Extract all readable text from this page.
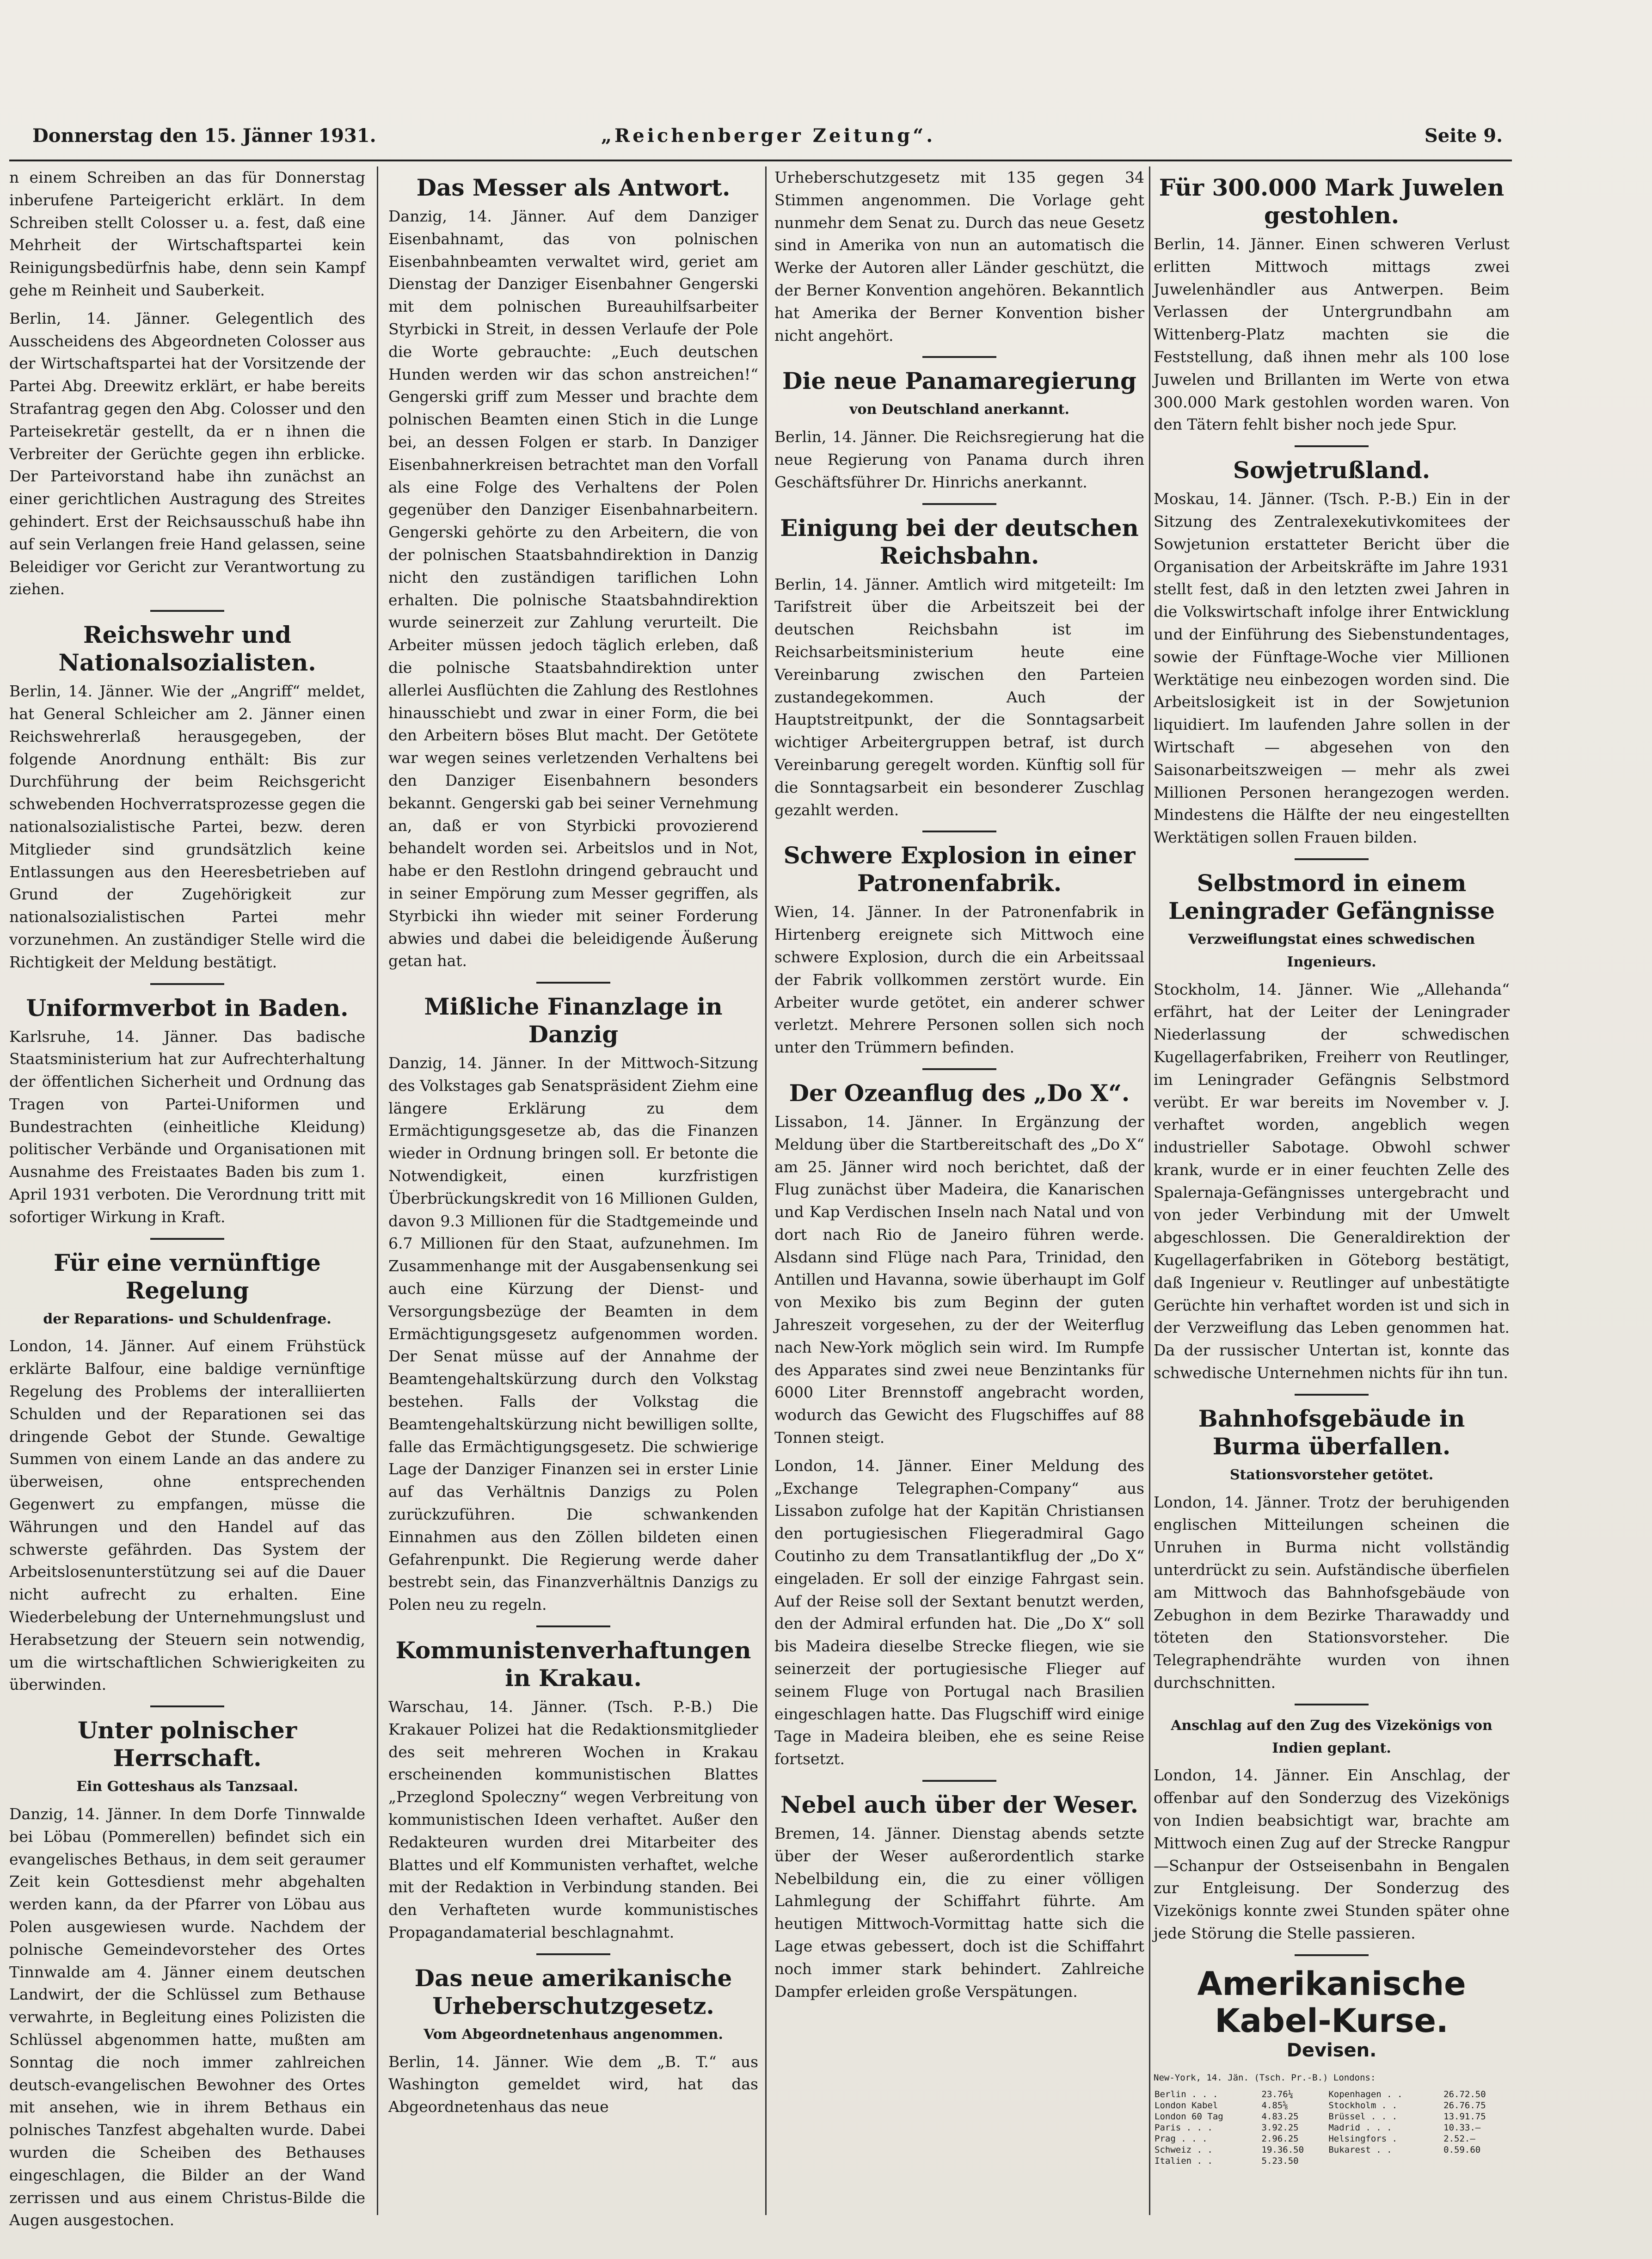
Donnerstag den 15. Jänner 1931.	„Reichenberger Zeitung“.	Seite 9.

n einem Schreiben an das für Donnerstag inberufene Parteigericht erklärt. In dem Schreiben stellt Colosser u. a. fest, daß eine Mehrheit der Wirtschaftspartei kein Reinigungsbedürfnis habe, denn sein Kampf gehe m Reinheit und Sauberkeit.

Berlin, 14. Jänner. Gelegentlich des Ausscheidens des Abgeordneten Colosser aus der Wirtschaftspartei hat der Vorsitzende der Partei Abg. Dreewitz erklärt, er habe bereits Strafantrag gegen den Abg. Colosser und den Parteisekretär gestellt, da er n ihnen die Verbreiter der Gerüchte gegen ihn erblicke. Der Parteivorstand habe ihn zunächst an einer gerichtlichen Austragung des Streites gehindert. Erst der Reichsausschuß habe ihn auf sein Verlangen freie Hand gelassen, seine Beleidiger vor Gericht zur Verantwortung zu ziehen.

Reichswehr und Nationalsozialisten.

Berlin, 14. Jänner. Wie der „Angriff“ meldet, hat General Schleicher am 2. Jänner einen Reichswehrerlaß herausgegeben, der folgende Anordnung enthält: Bis zur Durchführung der beim Reichsgericht schwebenden Hochverratsprozesse gegen die nationalsozialistische Partei, bezw. deren Mitglieder sind grundsätzlich keine Entlassungen aus den Heeresbetrieben auf Grund der Zugehörigkeit zur nationalsozialistischen Partei mehr vorzunehmen. An zuständiger Stelle wird die Richtigkeit der Meldung bestätigt.

Uniformverbot in Baden.

Karlsruhe, 14. Jänner. Das badische Staatsministerium hat zur Aufrechterhaltung der öffentlichen Sicherheit und Ordnung das Tragen von Partei-Uniformen und Bundestrachten (einheitliche Kleidung) politischer Verbände und Organisationen mit Ausnahme des Freistaates Baden bis zum 1. April 1931 verboten. Die Verordnung tritt mit sofortiger Wirkung in Kraft.

Für eine vernünftige Regelung
der Reparations- und Schuldenfrage.

London, 14. Jänner. Auf einem Frühstück erklärte Balfour, eine baldige vernünftige Regelung des Problems der interalliierten Schulden und der Reparationen sei das dringende Gebot der Stunde. Gewaltige Summen von einem Lande an das andere zu überweisen, ohne entsprechenden Gegenwert zu empfangen, müsse die Währungen und den Handel auf das schwerste gefährden. Das System der Arbeitslosenunterstützung sei auf die Dauer nicht aufrecht zu erhalten. Eine Wiederbelebung der Unternehmungslust und Herabsetzung der Steuern sein notwendig, um die wirtschaftlichen Schwierigkeiten zu überwinden.

Unter polnischer Herrschaft.
Ein Gotteshaus als Tanzsaal.

Danzig, 14. Jänner. In dem Dorfe Tinnwalde bei Löbau (Pommerellen) befindet sich ein evangelisches Bethaus, in dem seit geraumer Zeit kein Gottesdienst mehr abgehalten werden kann, da der Pfarrer von Löbau aus Polen ausgewiesen wurde. Nachdem der polnische Gemeindevorsteher des Ortes Tinnwalde am 4. Jänner einem deutschen Landwirt, der die Schlüssel zum Bethause verwahrte, in Begleitung eines Polizisten die Schlüssel abgenommen hatte, mußten am Sonntag die noch immer zahlreichen deutsch-evangelischen Bewohner des Ortes mit ansehen, wie in ihrem Bethaus ein polnisches Tanzfest abgehalten wurde. Dabei wurden die Scheiben des Bethauses eingeschlagen, die Bilder an der Wand zerrissen und aus einem Christus-Bilde die Augen ausgestochen.

Das Messer als Antwort.

Danzig, 14. Jänner. Auf dem Danziger Eisenbahnamt, das von polnischen Eisenbahnbeamten verwaltet wird, geriet am Dienstag der Danziger Eisenbahner Gengerski mit dem polnischen Bureauhilfsarbeiter Styrbicki in Streit, in dessen Verlaufe der Pole die Worte gebrauchte: „Euch deutschen Hunden werden wir das schon anstreichen!“ Gengerski griff zum Messer und brachte dem polnischen Beamten einen Stich in die Lunge bei, an dessen Folgen er starb. In Danziger Eisenbahnerkreisen betrachtet man den Vorfall als eine Folge des Verhaltens der Polen gegenüber den Danziger Eisenbahnarbeitern. Gengerski gehörte zu den Arbeitern, die von der polnischen Staatsbahndirektion in Danzig nicht den zuständigen tariflichen Lohn erhalten. Die polnische Staatsbahndirektion wurde seinerzeit zur Zahlung verurteilt. Die Arbeiter müssen jedoch täglich erleben, daß die polnische Staatsbahndirektion unter allerlei Ausflüchten die Zahlung des Restlohnes hinausschiebt und zwar in einer Form, die bei den Arbeitern böses Blut macht. Der Getötete war wegen seines verletzenden Verhaltens bei den Danziger Eisenbahnern besonders bekannt. Gengerski gab bei seiner Vernehmung an, daß er von Styrbicki provozierend behandelt worden sei. Arbeitslos und in Not, habe er den Restlohn dringend gebraucht und in seiner Empörung zum Messer gegriffen, als Styrbicki ihn wieder mit seiner Forderung abwies und dabei die beleidigende Äußerung getan hat.

Mißliche Finanzlage in Danzig

Danzig, 14. Jänner. In der Mittwoch-Sitzung des Volkstages gab Senatspräsident Ziehm eine längere Erklärung zu dem Ermächtigungsgesetze ab, das die Finanzen wieder in Ordnung bringen soll. Er betonte die Notwendigkeit, einen kurzfristigen Überbrückungskredit von 16 Millionen Gulden, davon 9.3 Millionen für die Stadtgemeinde und 6.7 Millionen für den Staat, aufzunehmen. Im Zusammenhange mit der Ausgabensenkung sei auch eine Kürzung der Dienst- und Versorgungsbezüge der Beamten in dem Ermächtigungsgesetz aufgenommen worden. Der Senat müsse auf der Annahme der Beamtengehaltskürzung durch den Volkstag bestehen. Falls der Volkstag die Beamtengehaltskürzung nicht bewilligen sollte, falle das Ermächtigungsgesetz. Die schwierige Lage der Danziger Finanzen sei in erster Linie auf das Verhältnis Danzigs zu Polen zurückzuführen. Die schwankenden Einnahmen aus den Zöllen bildeten einen Gefahrenpunkt. Die Regierung werde daher bestrebt sein, das Finanzverhältnis Danzigs zu Polen neu zu regeln.

Kommunistenverhaftungen in Krakau.

Warschau, 14. Jänner. (Tsch. P.-B.) Die Krakauer Polizei hat die Redaktionsmitglieder des seit mehreren Wochen in Krakau erscheinenden kommunistischen Blattes „Przeglond Spoleczny“ wegen Verbreitung von kommunistischen Ideen verhaftet. Außer den Redakteuren wurden drei Mitarbeiter des Blattes und elf Kommunisten verhaftet, welche mit der Redaktion in Verbindung standen. Bei den Verhafteten wurde kommunistisches Propagandamaterial beschlagnahmt.

Das neue amerikanische Urheberschutzgesetz.
Vom Abgeordnetenhaus angenommen.

Berlin, 14. Jänner. Wie dem „B. T.“ aus Washington gemeldet wird, hat das Abgeordnetenhaus das neue

Urheberschutzgesetz mit 135 gegen 34 Stimmen angenommen. Die Vorlage geht nunmehr dem Senat zu. Durch das neue Gesetz sind in Amerika von nun an automatisch die Werke der Autoren aller Länder geschützt, die der Berner Konvention angehören. Bekanntlich hat Amerika der Berner Konvention bisher nicht angehört.

Die neue Panamaregierung
von Deutschland anerkannt.

Berlin, 14. Jänner. Die Reichsregierung hat die neue Regierung von Panama durch ihren Geschäftsführer Dr. Hinrichs anerkannt.

Einigung bei der deutschen Reichsbahn.

Berlin, 14. Jänner. Amtlich wird mitgeteilt: Im Tarifstreit über die Arbeitszeit bei der deutschen Reichsbahn ist im Reichsarbeitsministerium heute eine Vereinbarung zwischen den Parteien zustandegekommen. Auch der Hauptstreitpunkt, der die Sonntagsarbeit wichtiger Arbeitergruppen betraf, ist durch Vereinbarung geregelt worden. Künftig soll für die Sonntagsarbeit ein besonderer Zuschlag gezahlt werden.

Schwere Explosion in einer Patronenfabrik.

Wien, 14. Jänner. In der Patronenfabrik in Hirtenberg ereignete sich Mittwoch eine schwere Explosion, durch die ein Arbeitssaal der Fabrik vollkommen zerstört wurde. Ein Arbeiter wurde getötet, ein anderer schwer verletzt. Mehrere Personen sollen sich noch unter den Trümmern befinden.

Der Ozeanflug des „Do X“.

Lissabon, 14. Jänner. In Ergänzung der Meldung über die Startbereitschaft des „Do X“ am 25. Jänner wird noch berichtet, daß der Flug zunächst über Madeira, die Kanarischen und Kap Verdischen Inseln nach Natal und von dort nach Rio de Janeiro führen werde. Alsdann sind Flüge nach Para, Trinidad, den Antillen und Havanna, sowie überhaupt im Golf von Mexiko bis zum Beginn der guten Jahreszeit vorgesehen, zu der der Weiterflug nach New-York möglich sein wird. Im Rumpfe des Apparates sind zwei neue Benzintanks für 6000 Liter Brennstoff angebracht worden, wodurch das Gewicht des Flugschiffes auf 88 Tonnen steigt.

London, 14. Jänner. Einer Meldung des „Exchange Telegraphen-Company“ aus Lissabon zufolge hat der Kapitän Christiansen den portugiesischen Fliegeradmiral Gago Coutinho zu dem Transatlantikflug der „Do X“ eingeladen. Er soll der einzige Fahrgast sein. Auf der Reise soll der Sextant benutzt werden, den der Admiral erfunden hat. Die „Do X“ soll bis Madeira dieselbe Strecke fliegen, wie sie seinerzeit der portugiesische Flieger auf seinem Fluge von Portugal nach Brasilien eingeschlagen hatte. Das Flugschiff wird einige Tage in Madeira bleiben, ehe es seine Reise fortsetzt.

Nebel auch über der Weser.

Bremen, 14. Jänner. Dienstag abends setzte über der Weser außerordentlich starke Nebelbildung ein, die zu einer völligen Lahmlegung der Schiffahrt führte. Am heutigen Mittwoch-Vormittag hatte sich die Lage etwas gebessert, doch ist die Schiffahrt noch immer stark behindert. Zahlreiche Dampfer erleiden große Verspätungen.

Für 300.000 Mark Juwelen gestohlen.

Berlin, 14. Jänner. Einen schweren Verlust erlitten Mittwoch mittags zwei Juwelenhändler aus Antwerpen. Beim Verlassen der Untergrundbahn am Wittenberg-Platz machten sie die Feststellung, daß ihnen mehr als 100 lose Juwelen und Brillanten im Werte von etwa 300.000 Mark gestohlen worden waren. Von den Tätern fehlt bisher noch jede Spur.

Sowjetrußland.

Moskau, 14. Jänner. (Tsch. P.-B.) Ein in der Sitzung des Zentralexekutivkomitees der Sowjetunion erstatteter Bericht über die Organisation der Arbeitskräfte im Jahre 1931 stellt fest, daß in den letzten zwei Jahren in die Volkswirtschaft infolge ihrer Entwicklung und der Einführung des Siebenstundentages, sowie der Fünftage-Woche vier Millionen Werktätige neu einbezogen worden sind. Die Arbeitslosigkeit ist in der Sowjetunion liquidiert. Im laufenden Jahre sollen in der Wirtschaft — abgesehen von den Saisonarbeitszweigen — mehr als zwei Millionen Personen herangezogen werden. Mindestens die Hälfte der neu eingestellten Werktätigen sollen Frauen bilden.

Selbstmord in einem Leningrader Gefängnisse
Verzweiflungstat eines schwedischen Ingenieurs.

Stockholm, 14. Jänner. Wie „Allehanda“ erfährt, hat der Leiter der Leningrader Niederlassung der schwedischen Kugellagerfabriken, Freiherr von Reutlinger, im Leningrader Gefängnis Selbstmord verübt. Er war bereits im November v. J. verhaftet worden, angeblich wegen industrieller Sabotage. Obwohl schwer krank, wurde er in einer feuchten Zelle des Spalernaja-Gefängnisses untergebracht und von jeder Verbindung mit der Umwelt abgeschlossen. Die Generaldirektion der Kugellagerfabriken in Göteborg bestätigt, daß Ingenieur v. Reutlinger auf unbestätigte Gerüchte hin verhaftet worden ist und sich in der Verzweiflung das Leben genommen hat. Da der russischer Untertan ist, konnte das schwedische Unternehmen nichts für ihn tun.

Bahnhofsgebäude in Burma überfallen.
Stationsvorsteher getötet.

London, 14. Jänner. Trotz der beruhigenden englischen Mitteilungen scheinen die Unruhen in Burma nicht vollständig unterdrückt zu sein. Aufständische überfielen am Mittwoch das Bahnhofsgebäude von Zebughon in dem Bezirke Tharawaddy und töteten den Stationsvorsteher. Die Telegraphendrähte wurden von ihnen durchschnitten.

Anschlag auf den Zug des Vizekönigs von Indien geplant.

London, 14. Jänner. Ein Anschlag, der offenbar auf den Sonderzug des Vizekönigs von Indien beabsichtigt war, brachte am Mittwoch einen Zug auf der Strecke Rangpur—Schanpur der Ostseisenbahn in Bengalen zur Entgleisung. Der Sonderzug des Vizekönigs konnte zwei Stunden später ohne jede Störung die Stelle passieren.

Amerikanische Kabel-Kurse.
Devisen.
New-York, 14. Jän. (Tsch. Pr.-B.) Londons:
Berlin . . .	23.76¼	Kopenhagen . .	26.72.50
London Kabel	4.85⅝	Stockholm . .	26.76.75
London 60 Tag	4.83.25	Brüssel . . .	13.91.75
Paris . . .	3.92.25	Madrid . . .	10.33.—
Prag . . .	2.96.25	Helsingfors .	2.52.—
Schweiz . .	19.36.50	Bukarest . .	0.59.60
Italien . .	5.23.50		
